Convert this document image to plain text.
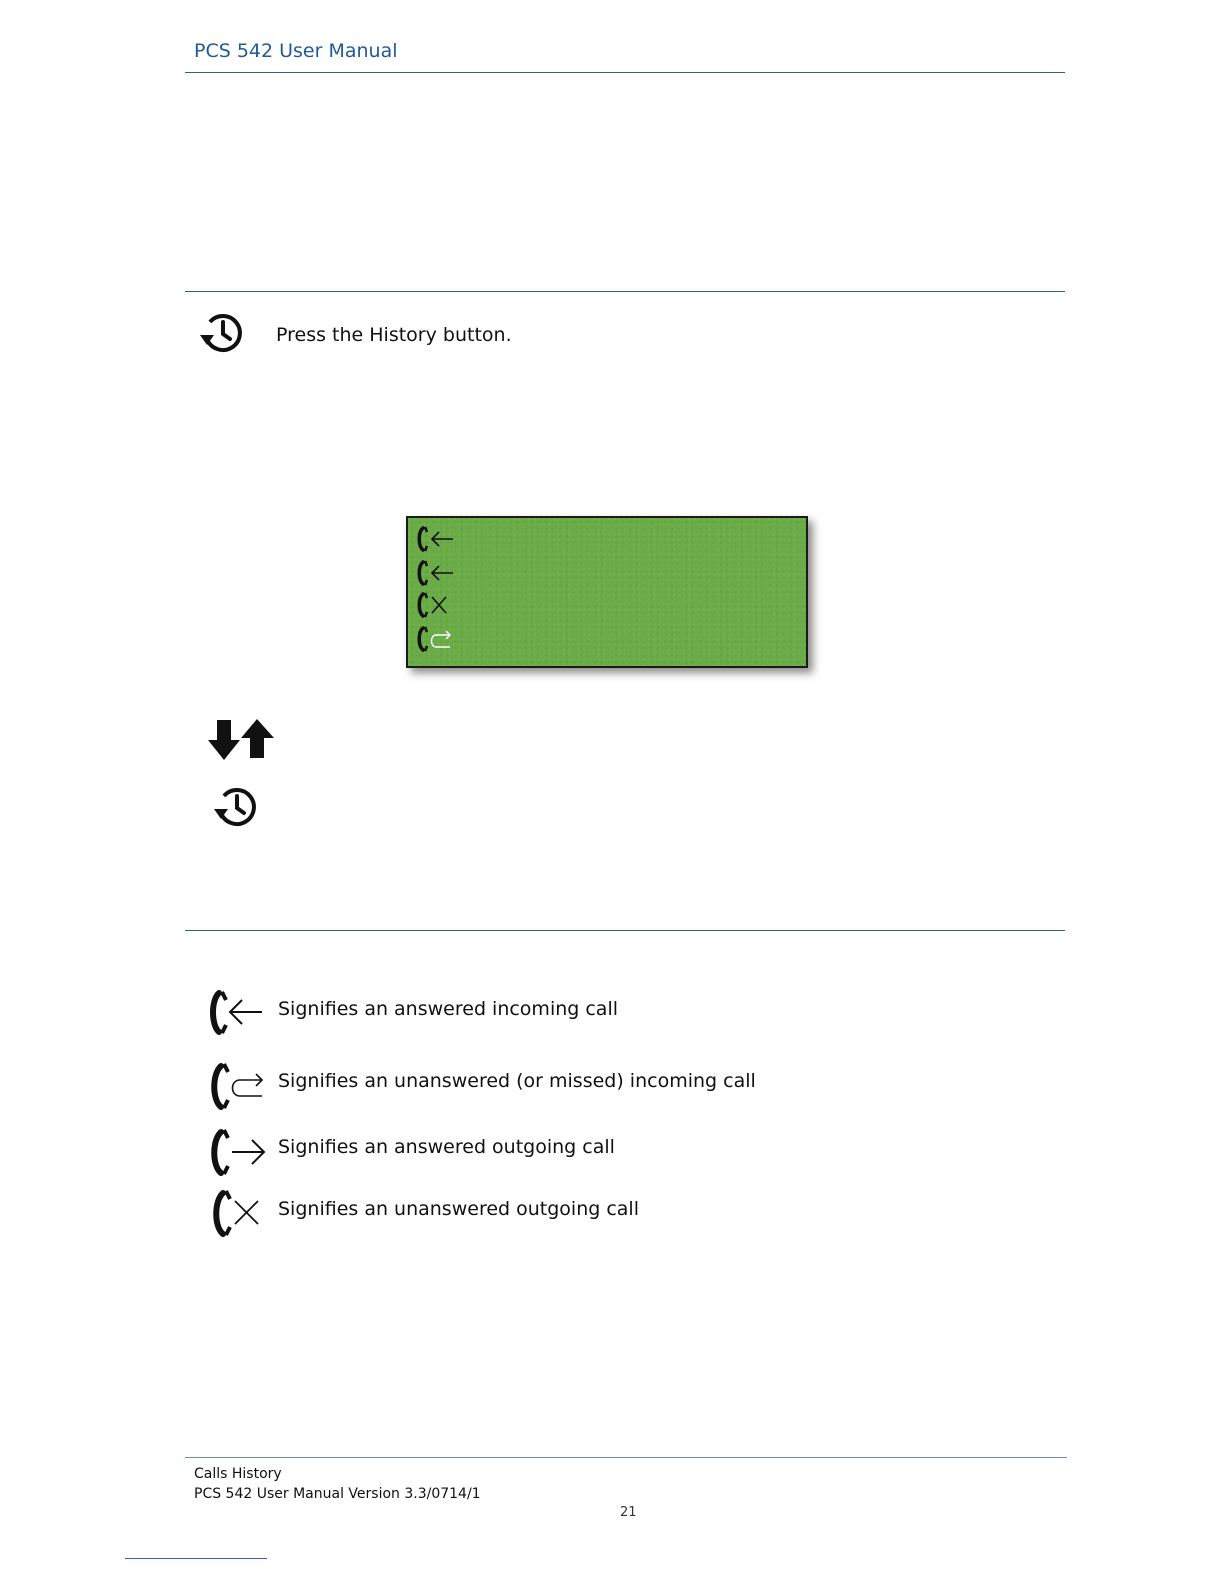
PCS 542 User Manual
Press the History button.
Signifies an answered incoming call
Signifies an unanswered (or missed) incoming call
Signifies an answered outgoing call
Signifies an unanswered outgoing call
Calls History
PCS 542 User Manual Version 3.3/0714/1
21
